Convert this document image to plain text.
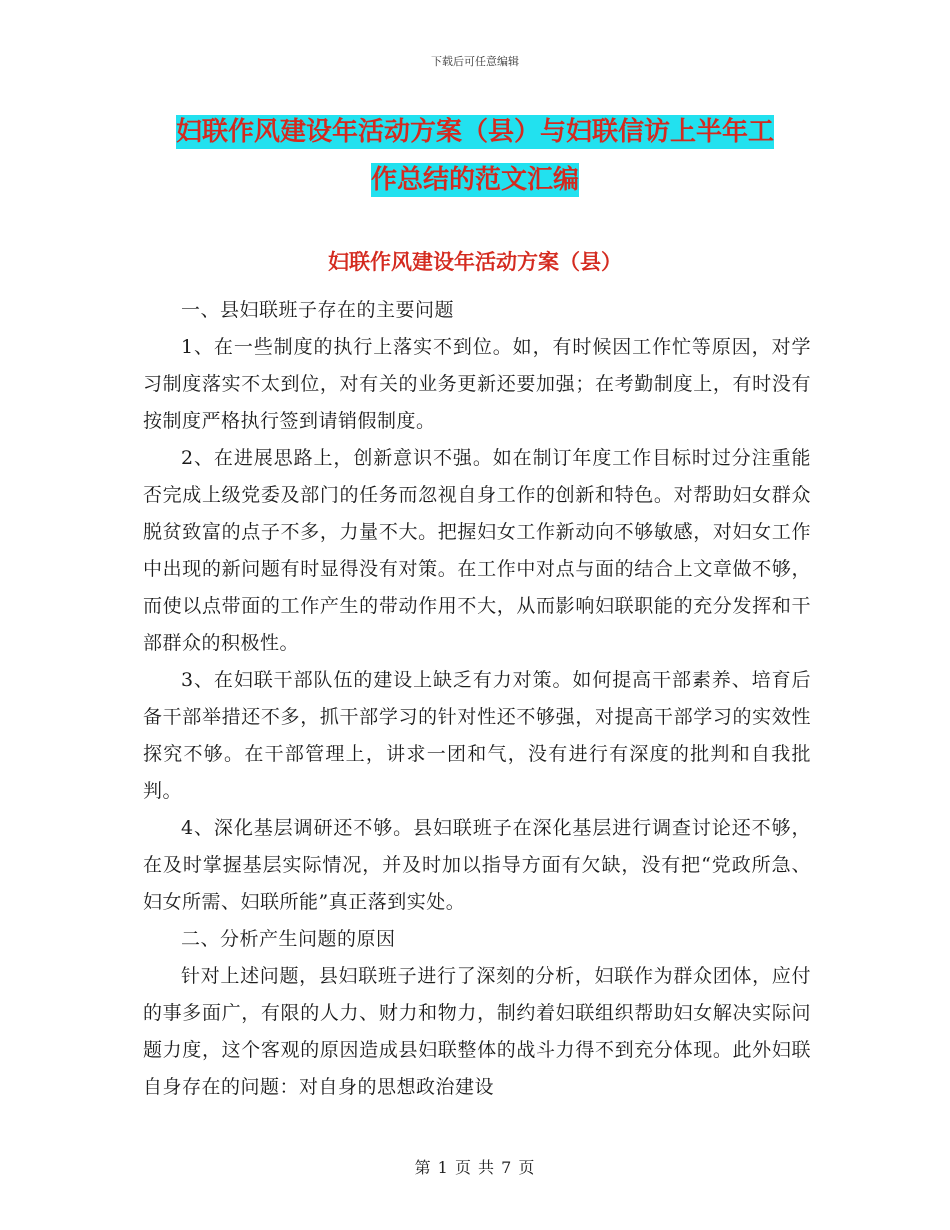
下载后可任意编辑
妇联作风建设年活动方案（县）与妇联信访上半年工
作总结的范文汇编
妇联作风建设年活动方案（县）

一、县妇联班子存在的主要问题

1、在一些制度的执行上落实不到位。如，有时候因工作忙等原因，对学习制度落实不太到位，对有关的业务更新还要加强；在考勤制度上，有时没有按制度严格执行签到请销假制度。

2、在进展思路上，创新意识不强。如在制订年度工作目标时过分注重能否完成上级党委及部门的任务而忽视自身工作的创新和特色。对帮助妇女群众脱贫致富的点子不多，力量不大。把握妇女工作新动向不够敏感，对妇女工作中出现的新问题有时显得没有对策。在工作中对点与面的结合上文章做不够，而使以点带面的工作产生的带动作用不大，从而影响妇联职能的充分发挥和干部群众的积极性。

3、在妇联干部队伍的建设上缺乏有力对策。如何提高干部素养、培育后备干部举措还不多，抓干部学习的针对性还不够强，对提高干部学习的实效性探究不够。在干部管理上，讲求一团和气，没有进行有深度的批判和自我批判。

4、深化基层调研还不够。县妇联班子在深化基层进行调查讨论还不够，在及时掌握基层实际情况，并及时加以指导方面有欠缺，没有把“党政所急、妇女所需、妇联所能”真正落到实处。

二、分析产生问题的原因

针对上述问题，县妇联班子进行了深刻的分析，妇联作为群众团体，应付的事多面广，有限的人力、财力和物力，制约着妇联组织帮助妇女解决实际问题力度，这个客观的原因造成县妇联整体的战斗力得不到充分体现。此外妇联自身存在的问题：对自身的思想政治建设

第 1 页 共 7 页
